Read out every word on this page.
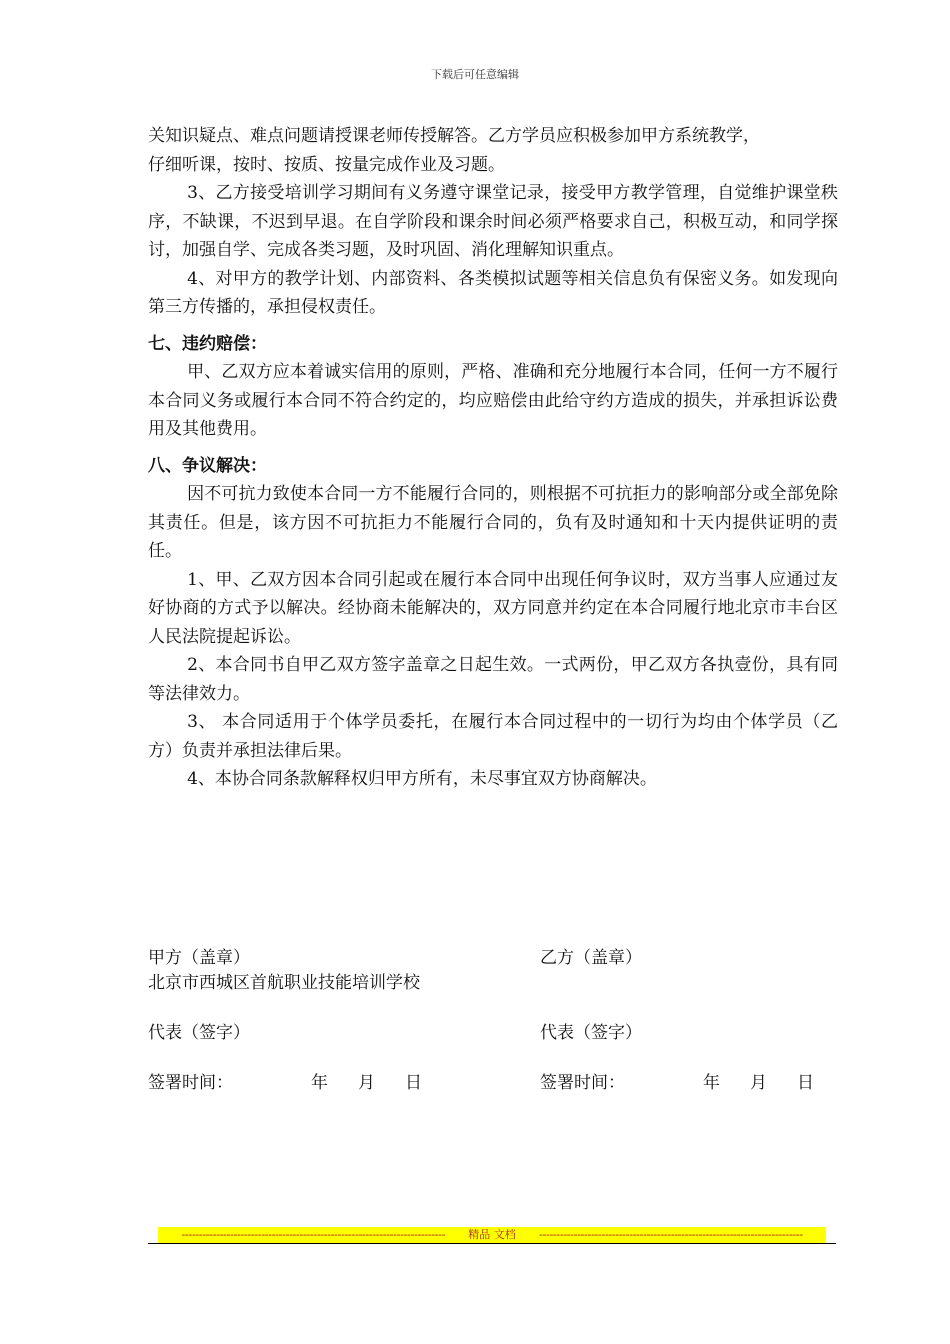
下载后可任意编辑

关知识疑点、难点问题请授课老师传授解答。乙方学员应积极参加甲方系统教学，

仔细听课，按时、按质、按量完成作业及习题。

3、乙方接受培训学习期间有义务遵守课堂记录，接受甲方教学管理，自觉维护课堂秩序，不缺课，不迟到早退。在自学阶段和课余时间必须严格要求自己，积极互动，和同学探讨，加强自学、完成各类习题，及时巩固、消化理解知识重点。

4、对甲方的教学计划、内部资料、各类模拟试题等相关信息负有保密义务。如发现向第三方传播的，承担侵权责任。

七、违约赔偿：

甲、乙双方应本着诚实信用的原则，严格、准确和充分地履行本合同，任何一方不履行本合同义务或履行本合同不符合约定的，均应赔偿由此给守约方造成的损失，并承担诉讼费用及其他费用。

八、争议解决：

因不可抗力致使本合同一方不能履行合同的，则根据不可抗拒力的影响部分或全部免除其责任。但是，该方因不可抗拒力不能履行合同的，负有及时通知和十天内提供证明的责任。

1、甲、乙双方因本合同引起或在履行本合同中出现任何争议时，双方当事人应通过友好协商的方式予以解决。经协商未能解决的，双方同意并约定在本合同履行地北京市丰台区人民法院提起诉讼。

2、本合同书自甲乙双方签字盖章之日起生效。一式两份，甲乙双方各执壹份，具有同等法律效力。

3、 本合同适用于个体学员委托，在履行本合同过程中的一切行为均由个体学员（乙方）负责并承担法律后果。

4、本协合同条款解释权归甲方所有，未尽事宜双方协商解决。

甲方（盖章）	乙方（盖章）
北京市西城区首航职业技能培训学校
代表（签字）	代表（签字）
签署时间：	年 月 日	签署时间：	年 月 日
---------------------------------------------------------------------------- 精品 文档 ----------------------------------------------------------------------------
